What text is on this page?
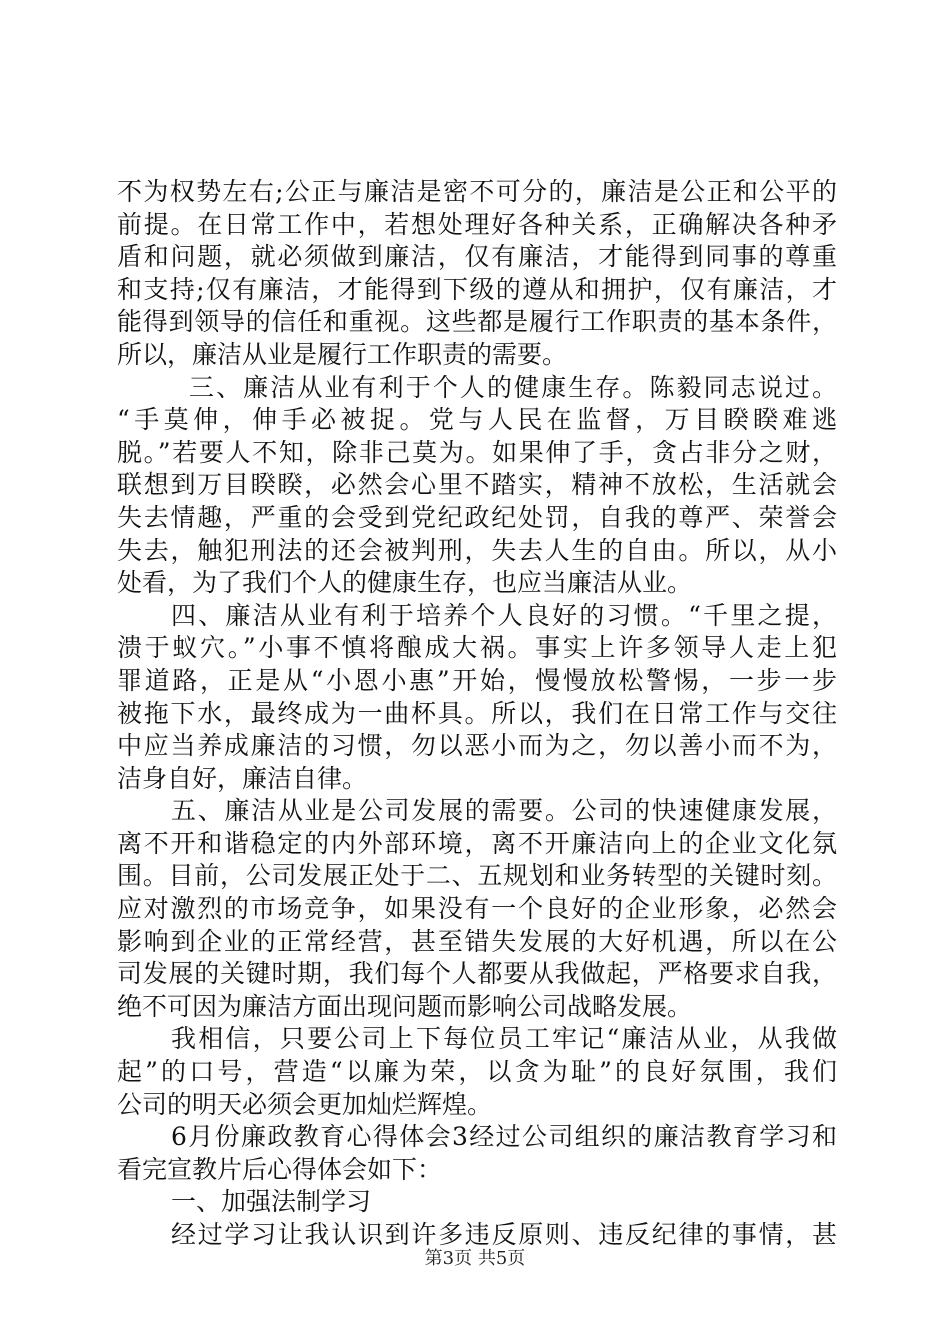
不为权势左右;公正与廉洁是密不可分的，廉洁是公正和公平的
前提。在日常工作中，若想处理好各种关系，正确解决各种矛
盾和问题，就必须做到廉洁，仅有廉洁，才能得到同事的尊重
和支持;仅有廉洁，才能得到下级的遵从和拥护，仅有廉洁，才
能得到领导的信任和重视。这些都是履行工作职责的基本条件，
所以，廉洁从业是履行工作职责的需要。
三、廉洁从业有利于个人的健康生存。陈毅同志说过。
“手莫伸，伸手必被捉。党与人民在监督，万目睽睽难逃
脱。”若要人不知，除非己莫为。如果伸了手，贪占非分之财，
联想到万目睽睽，必然会心里不踏实，精神不放松，生活就会
失去情趣，严重的会受到党纪政纪处罚，自我的尊严、荣誉会
失去，触犯刑法的还会被判刑，失去人生的自由。所以，从小
处看，为了我们个人的健康生存，也应当廉洁从业。
四、廉洁从业有利于培养个人良好的习惯。“千里之提，
溃于蚁穴。”小事不慎将酿成大祸。事实上许多领导人走上犯
罪道路，正是从“小恩小惠”开始，慢慢放松警惕，一步一步
被拖下水，最终成为一曲杯具。所以，我们在日常工作与交往
中应当养成廉洁的习惯，勿以恶小而为之，勿以善小而不为，
洁身自好，廉洁自律。
五、廉洁从业是公司发展的需要。公司的快速健康发展，
离不开和谐稳定的内外部环境，离不开廉洁向上的企业文化氛
围。目前，公司发展正处于二、五规划和业务转型的关键时刻。
应对激烈的市场竞争，如果没有一个良好的企业形象，必然会
影响到企业的正常经营，甚至错失发展的大好机遇，所以在公
司发展的关键时期，我们每个人都要从我做起，严格要求自我，
绝不可因为廉洁方面出现问题而影响公司战略发展。
我相信，只要公司上下每位员工牢记“廉洁从业，从我做
起”的口号，营造“以廉为荣，以贪为耻”的良好氛围，我们
公司的明天必须会更加灿烂辉煌。
6月份廉政教育心得体会3经过公司组织的廉洁教育学习和
看完宣教片后心得体会如下：
一、加强法制学习
经过学习让我认识到许多违反原则、违反纪律的事情，甚
第3页 共5页
